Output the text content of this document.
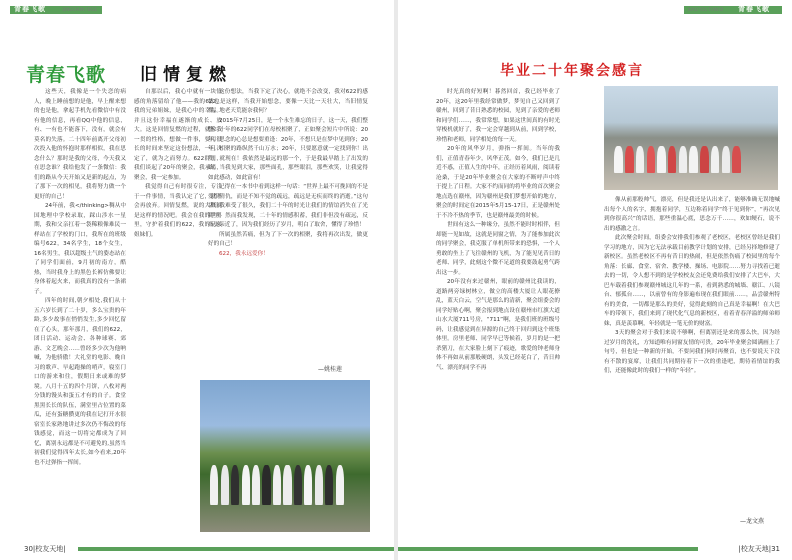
青春飞歌	QINGCHUN FEIGE
青春飞歌 旧情复燃

这些天，我像是一个失恋的病人，晚上睡前想的是他，早上醒来想的也是他，拿起手机先看微信中有没有他的信息，再看QQ中他的信息，有、一有也不能落下，没有，就会有莫名的失落。二十四年前离开父母初次投入他的怀抱时那样相似，我在思念什么？那时是我的父母，今天我又在思念谁？我给他发了一条微信：我们的路从今天开始又是新的起点，为了那下一次的相见，我将努力做一个更好的自己！

24年前，我</thinking>稠从中国地理中学校录取，踩山涉水一星期，我和父亲扛着一袋稀粮像难民一样站在了学校的门口，我所在的班级编号622，34名学生，18个女生，16名男生，我以超级土气的姿态站在了同学们面前，9月初的南方，酷热，当时我身上的黑色长裤仿佛要让身体着起火来，而我真的没有一条裙子。

四年的时间,朝夕相处,我们从十五六岁长到了二十岁，多么宝贵的年龄,多少故事在悄悄发生,多少回忆留在了心头，那年那月，我们的622，团日活动、运动会、各种球赛、郊游、文艺晚会……曾经多少次为他呐喊，为他骄傲！大礼堂的电影、晚自习的歌声、早起跑操的哨声，寝室门口的游来和往，假期日来或难的梦境。八月十五的四个月饼，八枚对两分钱的馒头和蛋五才有的自子。食堂黑黑长长的队伍，满堂里占位置的菜瓜，还有蛋糖攒更的我在记打开水很宿室长家熟地讲过多次仍不悔改的每钱感觉，而这一切将完都成为了回忆，离别永远都是不可避免的,虽然当初我们觉得四年太长,如今看来,20年也不过弹指一挥间。

自那以后，我心中就有一块情感的角落留给了他——我的622，我的兄弟姐妹，是我心中的幸福。并且这份幸福在遂渐的成长、放大。这是回情复燃的过程，就像我一贯的性格，想做一件事，要用很长的时间来坚定这份想法，一旦决定了，就为之而努力。622群里，我们谈起了20年的聚会，我承诺，聚会，我一定参加。

我觉得自己有时很专注，专注于一件事情，当我认定了它，就不会再放弃。回情复燃，说的大概就是这样的情况吧。我会在我的世界里，守护着我们的622，我的兄弟姐妹们。

这份想法，当我下定了决心，就绝不会改变，我对622的感情也是这样，当我开始想念，要像一天比一天壮大，当旧情复燃，地老天荒能奈我何？

2015年7月25日，是一个永生难忘的日子，这一天，我们整整二十年的622同学们在母校相聚了，正如聚会短片中所说：20年，思念的心总是想要重逢：20年，不想只是在梦中见到你；20年，相聚的路纵然千山万水；20年，只要愿意就一定找到你！出发，就现在！我依然是最远的那一个，于是我最早踏上了出发的路，当我见到大家，那些面孔，那些眼泪，那些欢笑，让我觉得如此感动，如此富有！

记得在一本书中看到这样一句话：“世界上最不可挽回的不是爱恨情仇，而是不知不觉的疏远，疏远是无疾而终的消逝。”这句话让我难受了很久，我们二十年的时光让我们的情谊消失在了光阴里，然而我发现，二十年的情感积蓄，我们非但没有疏远，反而更亲近了，因为我们经历了岁月，明白了取舍，懂得了珍惜！

所属虽然苦痛，但为了下一次的相聚，我将再次出发，做更好的自己！

622，我永远爱你！

—姚桂莲
30|校友天地|
青春飞歌
XIAO YOU TIAN DI
毕业二十年聚会感言

时光真的好短啊！暮然回首，我已经毕业了20年，这20年里我经常做梦，梦见自己又回到了赣州，回到了昔日熟悉的校园，见到了亲爱的老师和同学们……，我常常想，如果这世间真的有时光穿梭机就好了，我一定会穿越到从前，回到学校，珍惜和老师，同学相处的每一天。

20年的风华岁月，弹指一挥间。当年的我们，正值青春年少，风华正茂。如今，我们已是几近不惑，正值人生的中年，正经历着风雨，阅读着沧桑，于是20年毕业聚会在大家的不断呼声中终于提上了日程。大家不约而同的将毕业的首次聚会地点选在赣州，因为赣州是我们梦想开始的地方，聚会的时间定在2015年5月15-17日，正是赣州处于不冷不热的季节，也是赣州最美的时候。

世间有这么一种缘分，虽然不能时时相伴，但却能一见如故，这就是同窗之情，为了能参加此次的同学聚会，我克服了单机所带来的恐惧，一个人勇敢的坐上了飞往赣州的飞机，为了能见见昔日的老师、同学，此刻这个微不足道的我要鼓起勇气跨出这一步。

20年没有来过赣州，眼前的赣州比我读的，道路两旁绿树林立，做立的高楼大厦让人眼花撩乱，蓝天白云，空气是那么的清新，聚会组委会的同学好贴心啊，聚会报到地点设在赣州市红旗大道山水大厦711号房，“711”啊，是我们班的班级号码，让我感觉到在异源的自己终于回归到这个班集体里。房里老师、同学早已等候着，岁月的是一把杀猪刀，在大家脸上刻下了痕迹，歌爱的钟老师身体不再如从前那般硬朗，头发已经花白了，昔日帅气、漂亮的同学不再

像从前那般帅气，漂亮，但是我还是认出来了，能够准确无误地喊出每个人的名字，拥抱着同学，互边称着同学“终于见到你”，“再次见到你很高兴”的话语，那些重温心底，思念万千……，欢如鲠石，说不出的感激之言。

此次聚会时间，组委会安排我们参观了老校区，老校区曾经是我们学习的地方，因为它无法承载目前教学计划的安排，已经另择地修建了新校区。虽然老校区不再有昔日的热闹，但是依然伤痛了校园里的每个角落：长廊、食堂、宿舍、教学楼、操场、电影院……努力寻找着已逝去的一切，令人想不到的是学校校友会还免费给我们安排了大巴车，大巴车载着我们参观赣州城这几年的一系，看到熟悉的城墙、赣江、八镜台、郁孤台……，以前曾有的身影遍布现在我们眼前……，品尝赣州特有的美食，一切都是那么的美好，觉得此刻的自己真是幸福啊！在大巴车的带领下，我们来到了现代化气息的新校区，看着青春洋溢的师弟师妹，真是羡慕啊，年轻就是一笔无价的财富。

3天的聚会对于我们来说不够啊，但离别还是来的那么快，因为经过岁月的洗礼，方知道唯有同窗友情的可贵，20年毕业聚会圆满画上了句号，但也是一种新的开始，不要问我们何时再聚首，也不要说天下没有不散的宴席，让我们共同期待着下一次的重逢吧，期待着情谊的我们，还能像此时的我们一样的“年轻”。

—龙文燕
|校友天地|31
